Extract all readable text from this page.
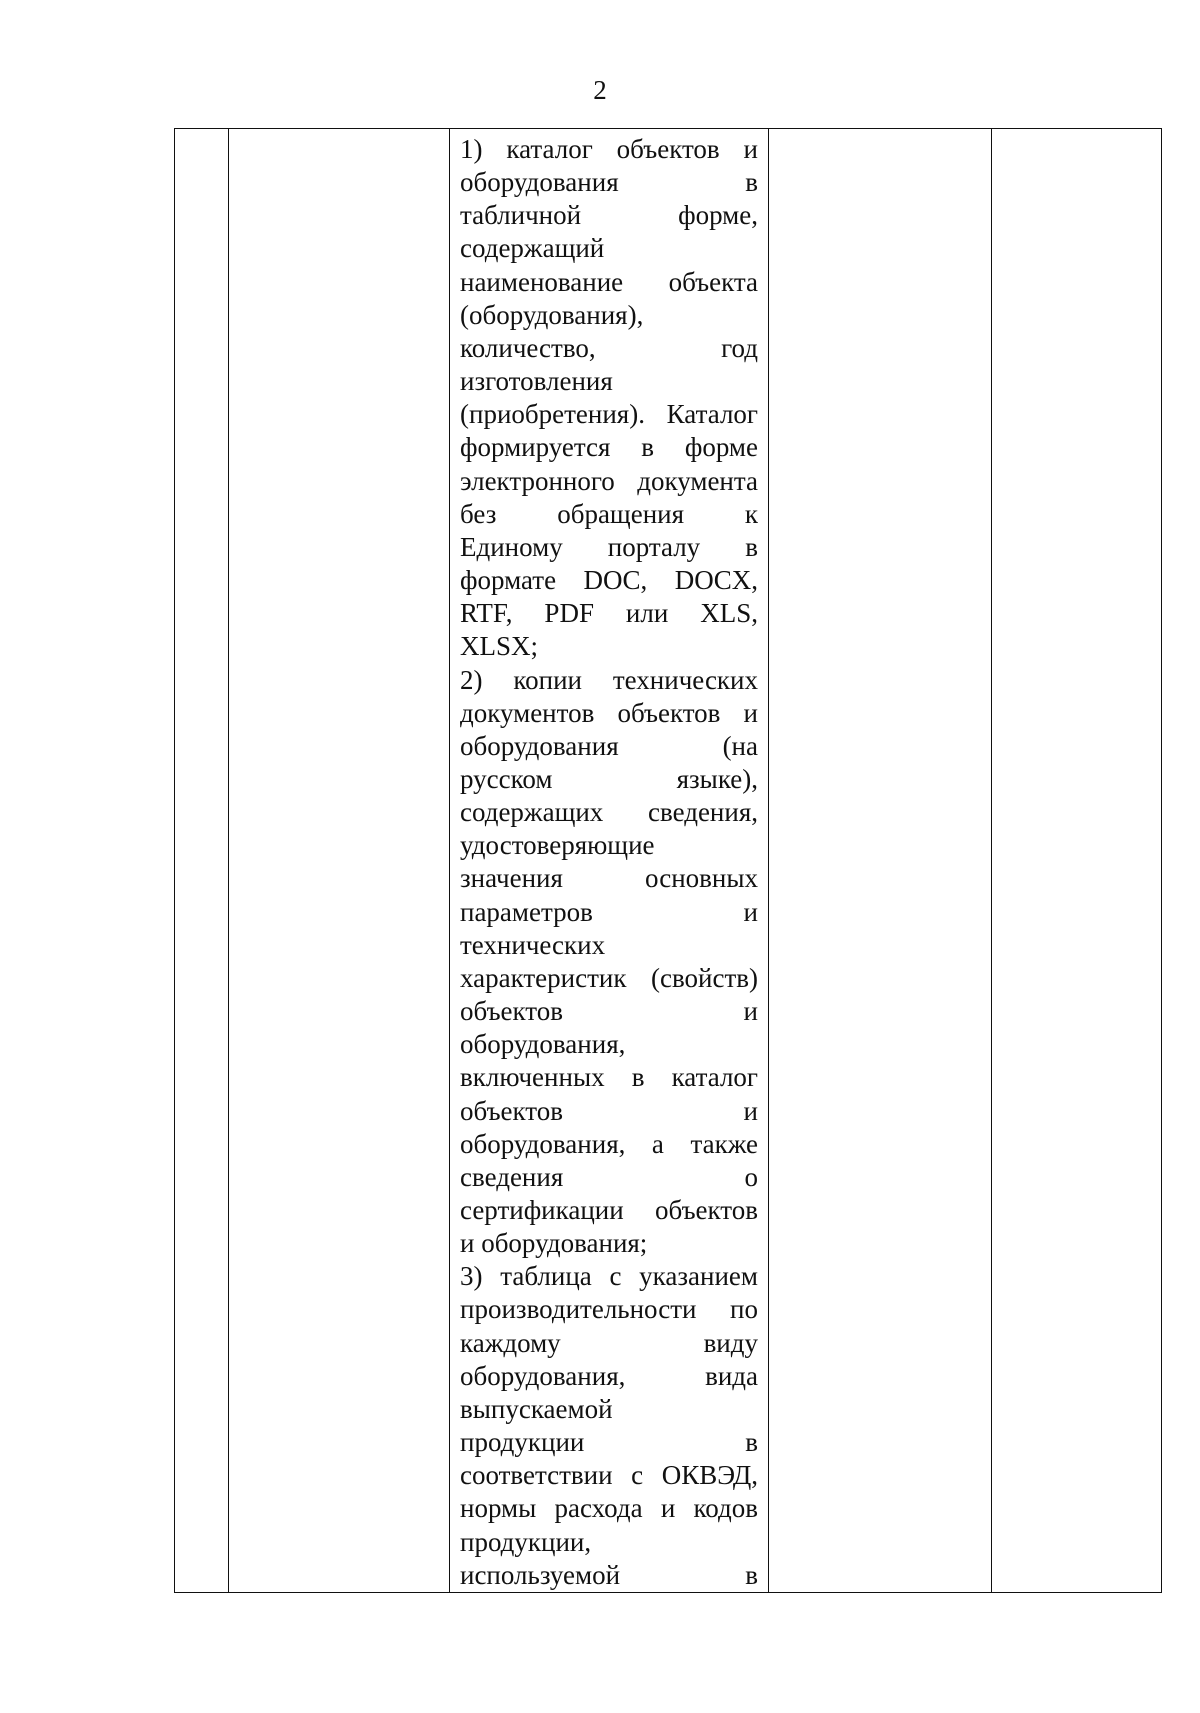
2

1) каталог объектов и
оборудования в
табличной форме,
содержащий
наименование объекта
(оборудования),
количество, год
изготовления
(приобретения). Каталог
формируется в форме
электронного документа
без обращения к
Единому порталу в
формате DOC, DOCX,
RTF, PDF или XLS,
XLSX;
2) копии технических
документов объектов и
оборудования (на
русском языке),
содержащих сведения,
удостоверяющие
значения основных
параметров и
технических
характеристик (свойств)
объектов и
оборудования,
включенных в каталог
объектов и
оборудования, а также
сведения о
сертификации объектов
и оборудования;
3) таблица с указанием
производительности по
каждому виду
оборудования, вида
выпускаемой
продукции в
соответствии с ОКВЭД,
нормы расхода и кодов
продукции,
используемой в
